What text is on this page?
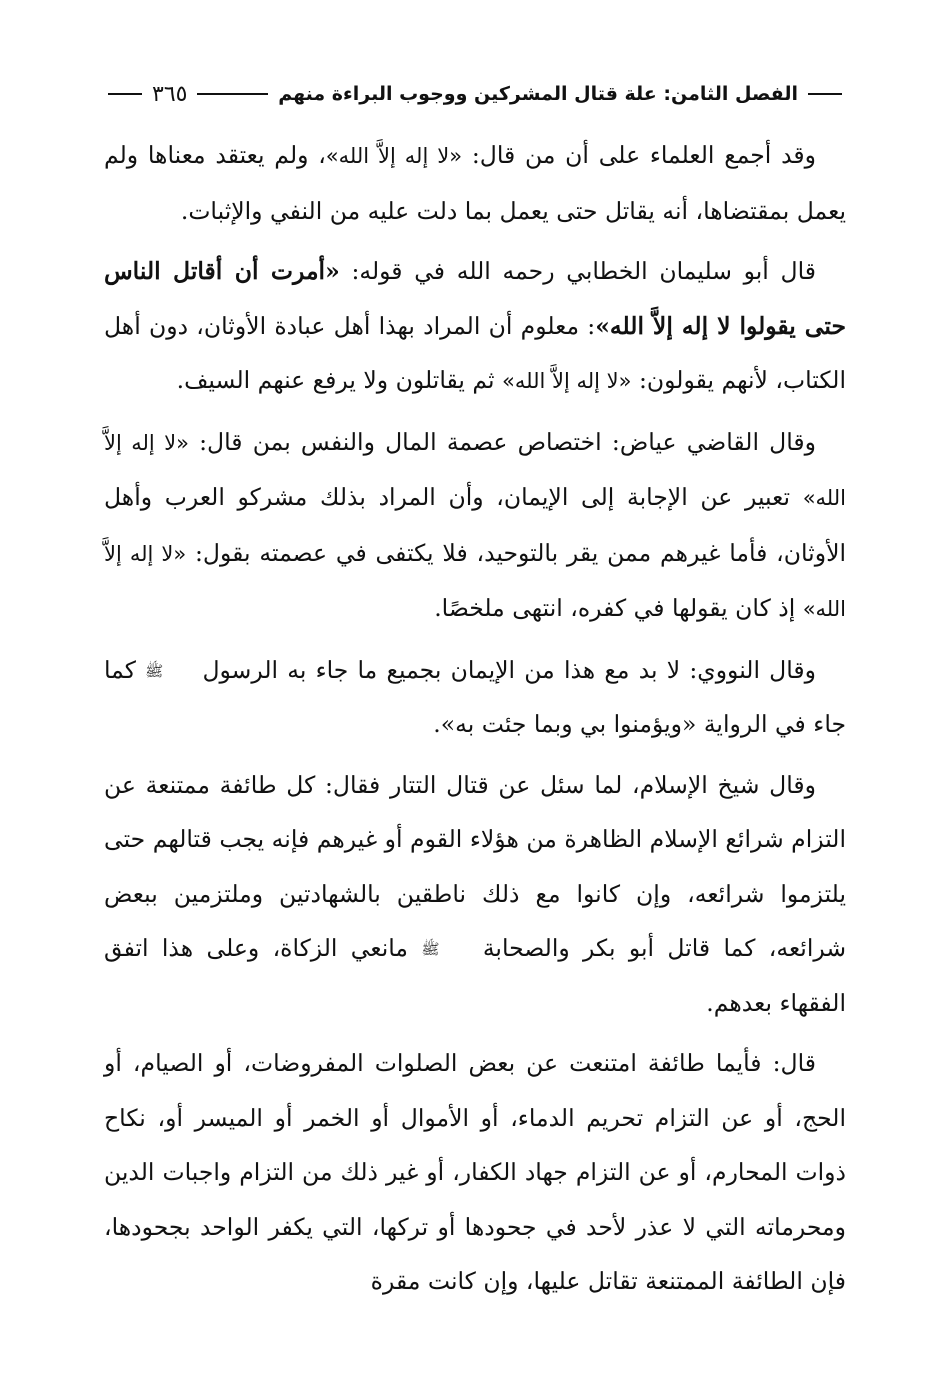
الفصل الثامن: علة قتال المشركين ووجوب البراءة منهم
٣٦٥

وقد أجمع العلماء على أن من قال: «لا إله إلاَّ الله»، ولم يعتقد معناها ولم يعمل بمقتضاها، أنه يقاتل حتى يعمل بما دلت عليه من النفي والإثبات.

قال أبو سليمان الخطابي رحمه الله في قوله: «أمرت أن أقاتل الناس حتى يقولوا لا إله إلاَّ الله»: معلوم أن المراد بهذا أهل عبادة الأوثان، دون أهل الكتاب، لأنهم يقولون: «لا إله إلاَّ الله» ثم يقاتلون ولا يرفع عنهم السيف.

وقال القاضي عياض: اختصاص عصمة المال والنفس بمن قال: «لا إله إلاَّ الله» تعبير عن الإجابة إلى الإيمان، وأن المراد بذلك مشركو العرب وأهل الأوثان، فأما غيرهم ممن يقر بالتوحيد، فلا يكتفى في عصمته بقول: «لا إله إلاَّ الله» إذ كان يقولها في كفره، انتهى ملخصًا.

وقال النووي: لا بد مع هذا من الإيمان بجميع ما جاء به الرسول ﷺ كما جاء في الرواية «ويؤمنوا بي وبما جئت به».

وقال شيخ الإسلام، لما سئل عن قتال التتار فقال: كل طائفة ممتنعة عن التزام شرائع الإسلام الظاهرة من هؤلاء القوم أو غيرهم فإنه يجب قتالهم حتى يلتزموا شرائعه، وإن كانوا مع ذلك ناطقين بالشهادتين وملتزمين ببعض شرائعه، كما قاتل أبو بكر والصحابة ﷺ مانعي الزكاة، وعلى هذا اتفق الفقهاء بعدهم.

قال: فأيما طائفة امتنعت عن بعض الصلوات المفروضات، أو الصيام، أو الحج، أو عن التزام تحريم الدماء، أو الأموال أو الخمر أو الميسر أو، نكاح ذوات المحارم، أو عن التزام جهاد الكفار، أو غير ذلك من التزام واجبات الدين ومحرماته التي لا عذر لأحد في جحودها أو تركها، التي يكفر الواحد بجحودها، فإن الطائفة الممتنعة تقاتل عليها، وإن كانت مقرة
